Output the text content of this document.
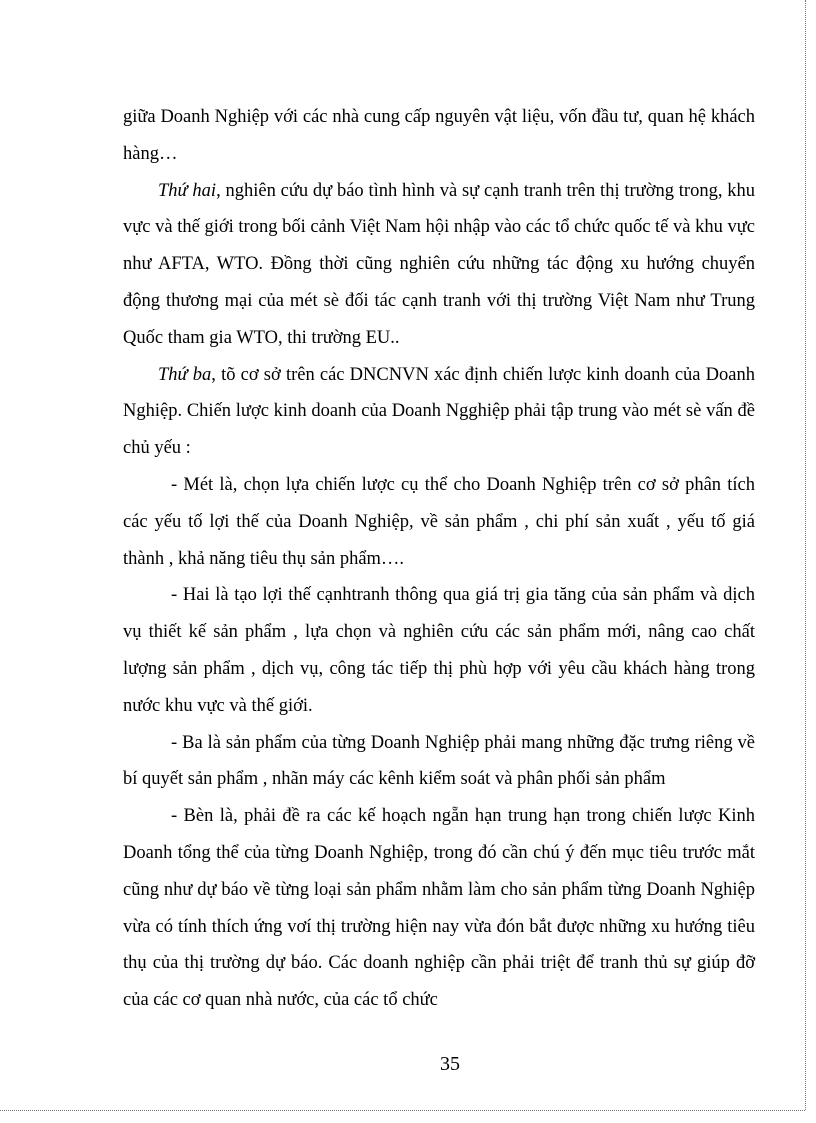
giữa Doanh Nghiệp với các nhà cung cấp nguyên vật liệu, vốn đầu tư, quan hệ khách hàng…

Thứ hai, nghiên cứu dự báo tình hình và sự cạnh tranh trên thị trường trong, khu vực và thế giới trong bối cảnh Việt Nam hội nhập vào các tổ chức quốc tế và khu vực như AFTA, WTO. Đồng thời cũng nghiên cứu những tác động xu hướng chuyển động thương mại của mét sè đối tác cạnh tranh với thị trường Việt Nam như Trung Quốc tham gia WTO, thi trường EU..

Thứ ba, tõ cơ sở trên các DNCNVN xác định chiến lược kinh doanh của Doanh Nghiệp. Chiến lược kinh doanh của Doanh Ngghiệp phải tập trung vào mét sè vấn đề chủ yếu :

- Mét là, chọn lựa chiến lược cụ thể cho Doanh Nghiệp trên cơ sở phân tích các yếu tố lợi thế của Doanh Nghiệp, về sản phẩm , chi phí sản xuất , yếu tố giá thành , khả năng tiêu thụ sản phẩm….

- Hai là tạo lợi thế cạnhtranh thông qua giá trị gia tăng của sản phẩm và dịch vụ thiết kế sản phẩm , lựa chọn và nghiên cứu các sản phẩm mới, nâng cao chất lượng sản phẩm , dịch vụ, công tác tiếp thị phù hợp với yêu cầu khách hàng trong nước khu vực và thế giới.

- Ba là sản phẩm của từng Doanh Nghiệp phải mang những đặc trưng riêng về bí quyết sản phẩm , nhãn máy các kênh kiểm soát và phân phối sản phẩm

- Bèn là, phải đề ra các kế hoạch ngẵn hạn trung hạn trong chiến lược Kinh Doanh tổng thể của từng Doanh Nghiệp, trong đó cần chú ý đến mục tiêu trước mắt cũng như dự báo về từng loại sản phẩm nhằm làm cho sản phẩm từng Doanh Nghiệp vừa có tính thích ứng vơí thị trường hiện nay vừa đón bắt được những xu hướng tiêu thụ của thị trường dự báo. Các doanh nghiệp cần phải triệt để tranh thủ sự giúp đỡ của các cơ quan nhà nước, của các tổ chức

35
